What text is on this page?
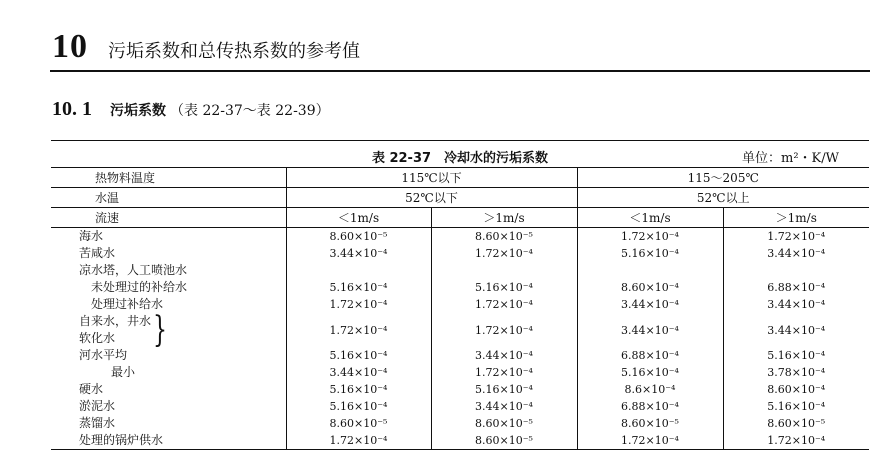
10 污垢系数和总传热系数的参考值
10. 1 污垢系数 （表 22-37～表 22-39）
表 22-37　冷却水的污垢系数	单位：m²・K/W
热物料温度	115℃以下		115～205℃	
水温	52℃以下		52℃以上	
流速	＜1m/s	＞1m/s	＜1m/s	＞1m/s
海水	8.60×10⁻⁵	8.60×10⁻⁵	1.72×10⁻⁴	1.72×10⁻⁴
苦咸水	3.44×10⁻⁴	1.72×10⁻⁴	5.16×10⁻⁴	3.44×10⁻⁴
凉水塔，人工喷池水				
未处理过的补给水	5.16×10⁻⁴	5.16×10⁻⁴	8.60×10⁻⁴	6.88×10⁻⁴
处理过补给水	1.72×10⁻⁴	1.72×10⁻⁴	3.44×10⁻⁴	3.44×10⁻⁴

自来水，井水
软化水 }	1.72×10⁻⁴	1.72×10⁻⁴	3.44×10⁻⁴	3.44×10⁻⁴
河水平均	5.16×10⁻⁴	3.44×10⁻⁴	6.88×10⁻⁴	5.16×10⁻⁴
最小	3.44×10⁻⁴	1.72×10⁻⁴	5.16×10⁻⁴	3.78×10⁻⁴
硬水	5.16×10⁻⁴	5.16×10⁻⁴	8.6×10⁻⁴	8.60×10⁻⁴
淤泥水	5.16×10⁻⁴	3.44×10⁻⁴	6.88×10⁻⁴	5.16×10⁻⁴
蒸馏水	8.60×10⁻⁵	8.60×10⁻⁵	8.60×10⁻⁵	8.60×10⁻⁵
处理的锅炉供水	1.72×10⁻⁴	8.60×10⁻⁵	1.72×10⁻⁴	1.72×10⁻⁴
